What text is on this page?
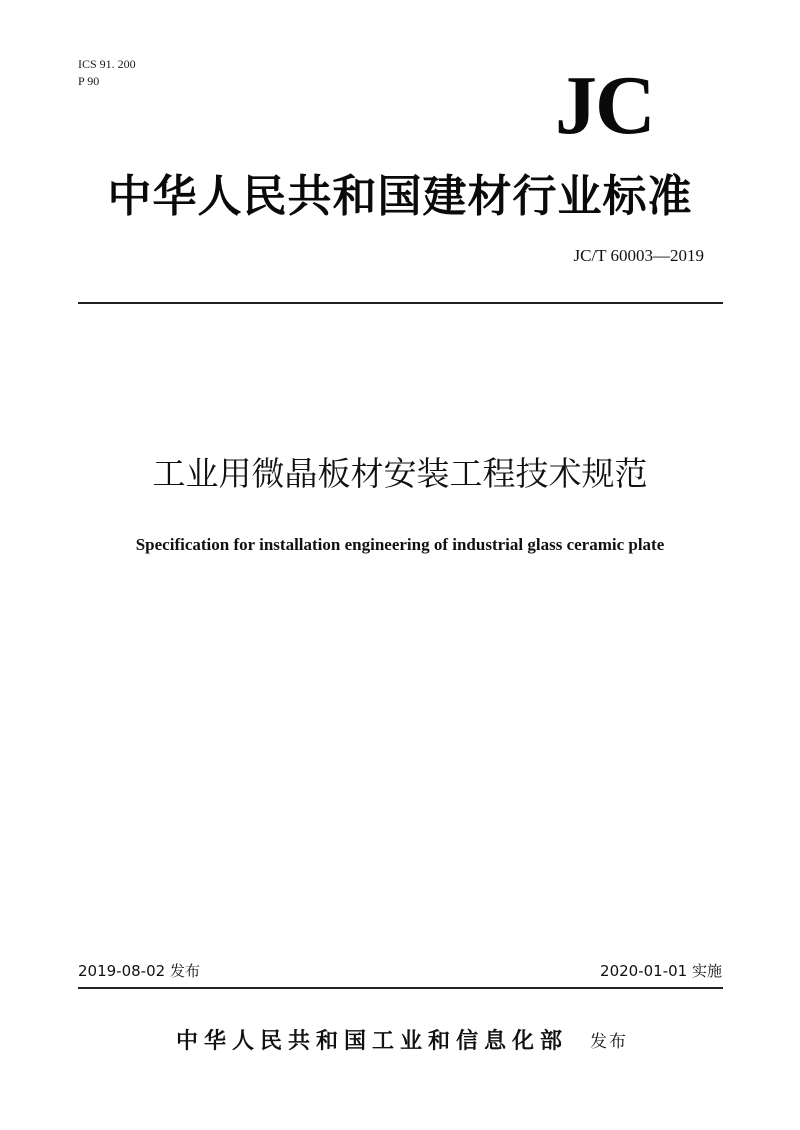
ICS 91. 200
P 90	JC
中华人民共和国建材行业标准
JC/T 60003—2019
工业用微晶板材安装工程技术规范
Specification for installation engineering of industrial glass ceramic plate
2019-08-02 发布	2020-01-01 实施
中华人民共和国工业和信息化部 发布
